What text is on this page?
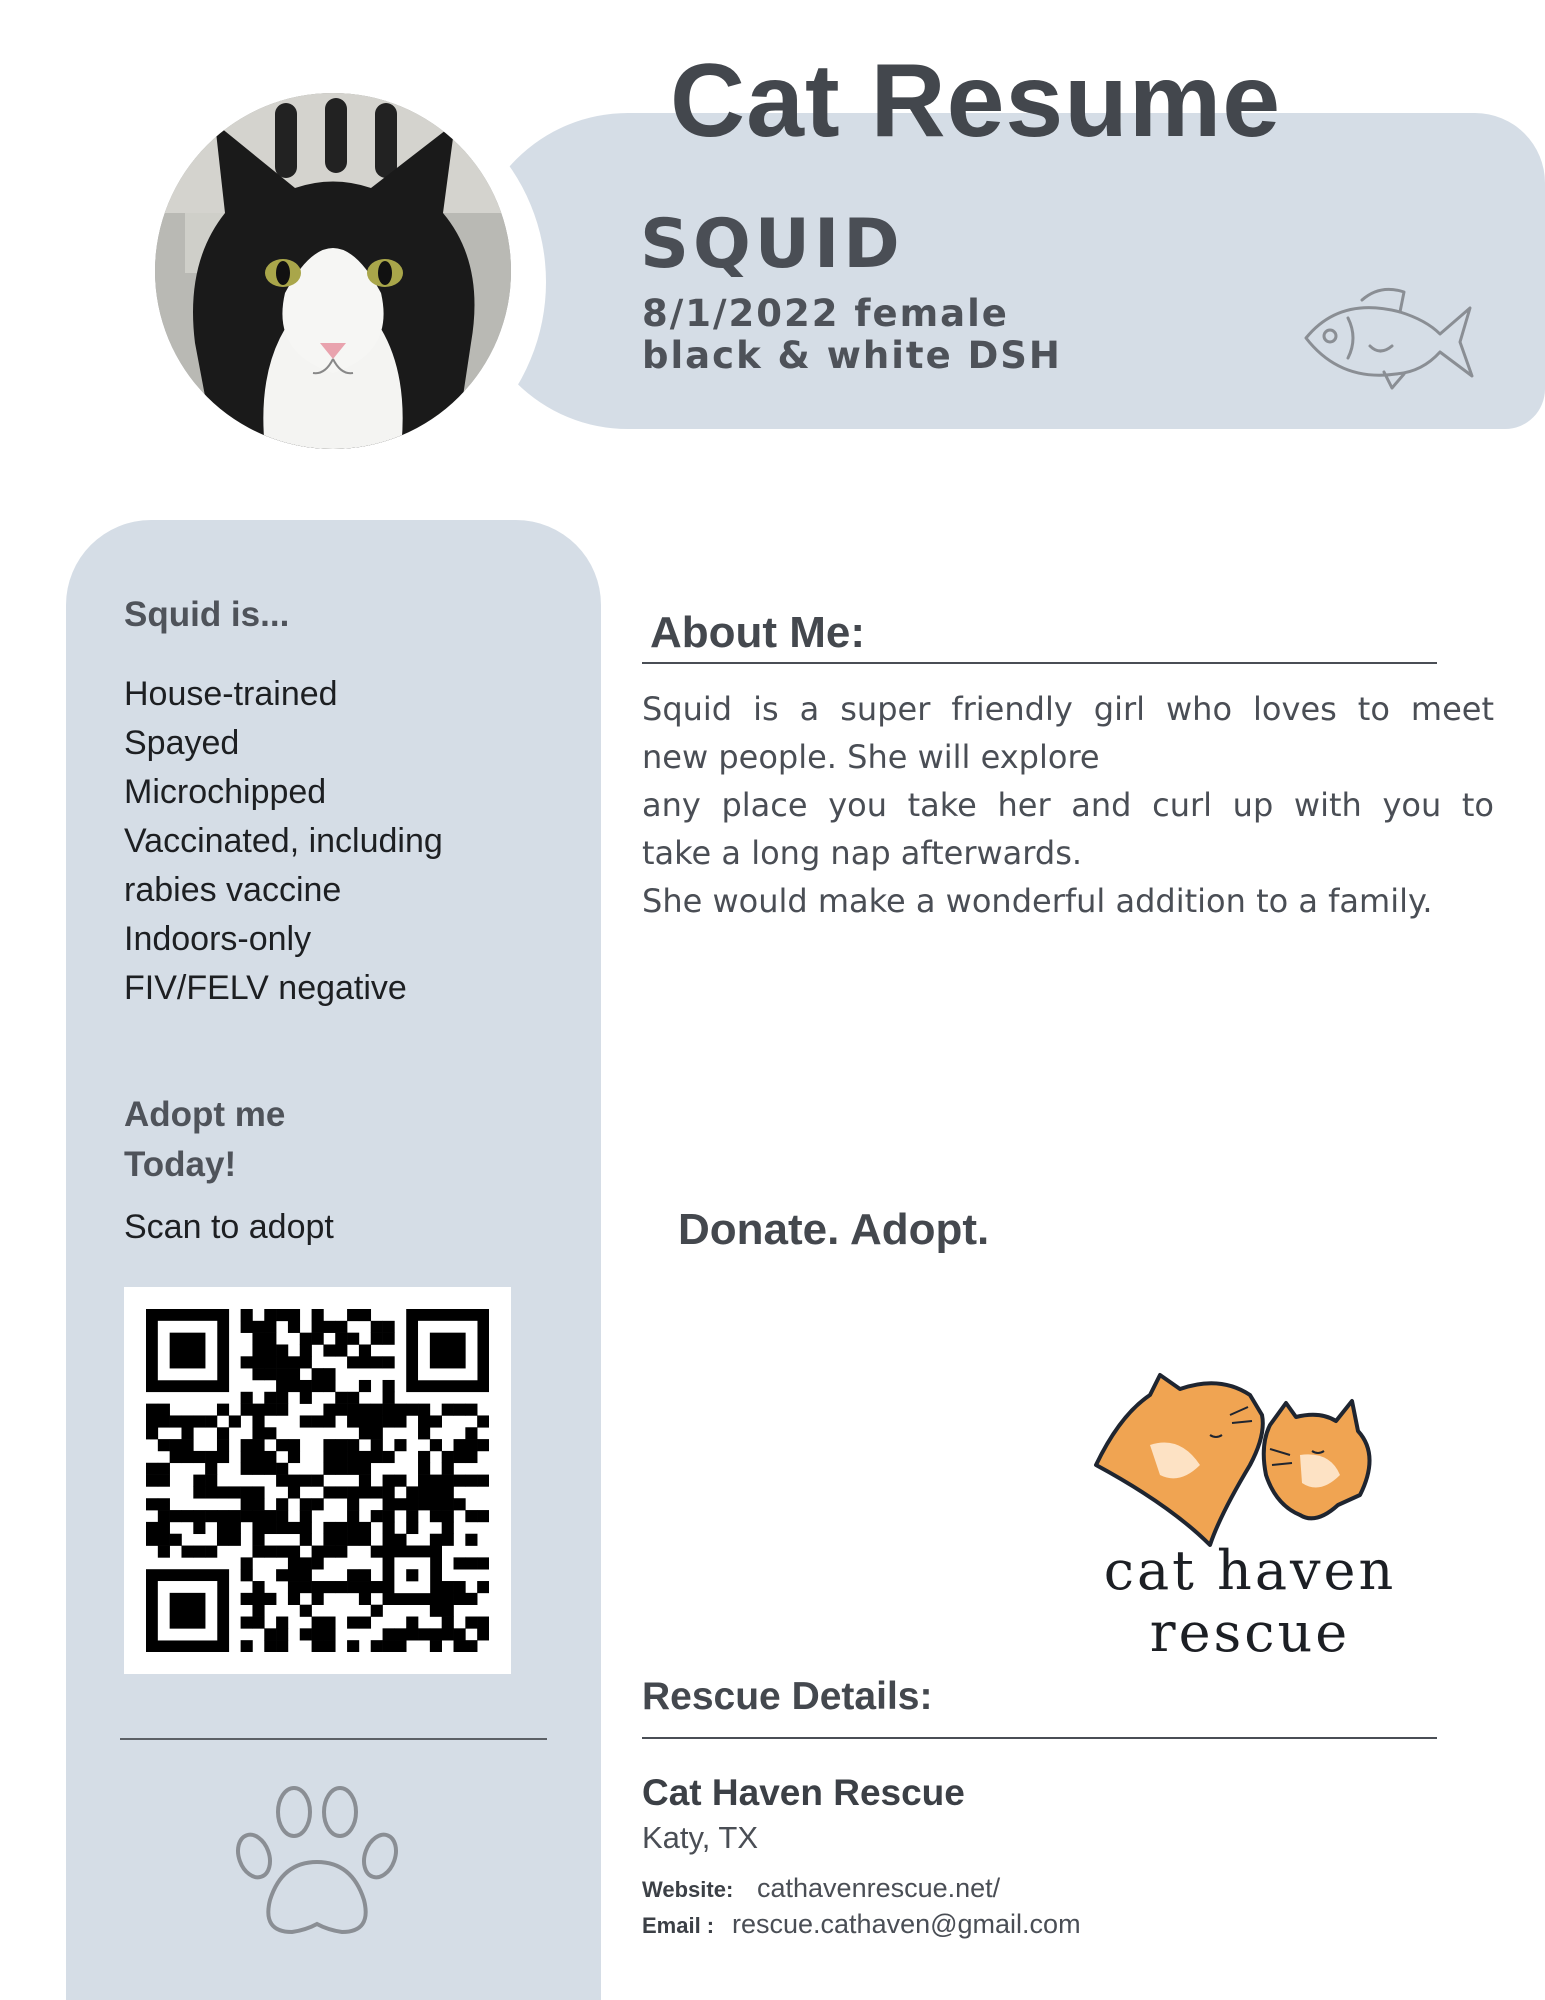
Cat Resume
SQUID
8/1/2022 female
black & white DSH
Squid is...
House-trained
Spayed
Microchipped
Vaccinated, including
rabies vaccine
Indoors-only
FIV/FELV negative
Adopt me
Today!
Scan to adopt
About Me:

Squid is a super friendly girl who loves to meet
new people. She will explore
any place you take her and curl up with you to
take a long nap afterwards.
She would make a wonderful addition to a family.

Donate. Adopt.
cat haven
rescue
Rescue Details:
Cat Haven Rescue
Katy, TX
Website: cathavenrescue.net/
Email : rescue.cathaven@gmail.com
